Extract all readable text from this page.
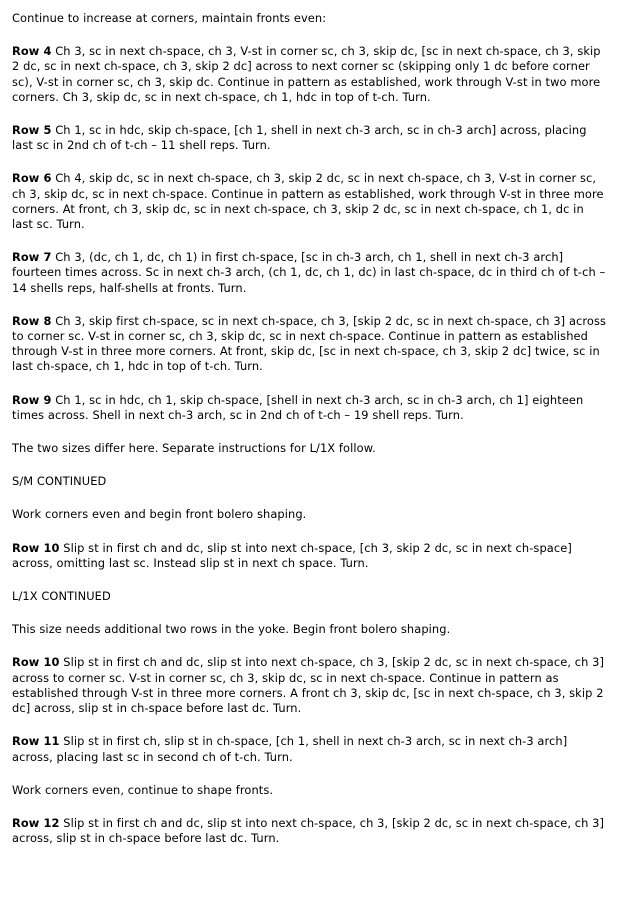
Continue to increase at corners, maintain fronts even:

Row 4 Ch 3, sc in next ch-space, ch 3, V-st in corner sc, ch 3, skip dc, [sc in next ch-space, ch 3, skip 2 dc, sc in next ch-space, ch 3, skip 2 dc] across to next corner sc (skipping only 1 dc before corner sc), V-st in corner sc, ch 3, skip dc. Continue in pattern as established, work through V-st in two more corners. Ch 3, skip dc, sc in next ch-space, ch 1, hdc in top of t-ch. Turn.

Row 5 Ch 1, sc in hdc, skip ch-space, [ch 1, shell in next ch-3 arch, sc in ch-3 arch] across, placing last sc in 2nd ch of t-ch – 11 shell reps. Turn.

Row 6 Ch 4, skip dc, sc in next ch-space, ch 3, skip 2 dc, sc in next ch-space, ch 3, V-st in corner sc, ch 3, skip dc, sc in next ch-space. Continue in pattern as established, work through V-st in three more corners. At front, ch 3, skip dc, sc in next ch-space, ch 3, skip 2 dc, sc in next ch-space, ch 1, dc in last sc. Turn.

Row 7 Ch 3, (dc, ch 1, dc, ch 1) in first ch-space, [sc in ch-3 arch, ch 1, shell in next ch-3 arch] fourteen times across. Sc in next ch-3 arch, (ch 1, dc, ch 1, dc) in last ch-space, dc in third ch of t-ch – 14 shells reps, half-shells at fronts. Turn.

Row 8 Ch 3, skip first ch-space, sc in next ch-space, ch 3, [skip 2 dc, sc in next ch-space, ch 3] across to corner sc. V-st in corner sc, ch 3, skip dc, sc in next ch-space. Continue in pattern as established through V-st in three more corners. At front, skip dc, [sc in next ch-space, ch 3, skip 2 dc] twice, sc in last ch-space, ch 1, hdc in top of t-ch. Turn.

Row 9 Ch 1, sc in hdc, ch 1, skip ch-space, [shell in next ch-3 arch, sc in ch-3 arch, ch 1] eighteen times across. Shell in next ch-3 arch, sc in 2nd ch of t-ch – 19 shell reps. Turn.

The two sizes differ here. Separate instructions for L/1X follow.

S/M CONTINUED

Work corners even and begin front bolero shaping.

Row 10 Slip st in first ch and dc, slip st into next ch-space, [ch 3, skip 2 dc, sc in next ch-space] across, omitting last sc. Instead slip st in next ch space. Turn.

L/1X CONTINUED

This size needs additional two rows in the yoke. Begin front bolero shaping.

Row 10 Slip st in first ch and dc, slip st into next ch-space, ch 3, [skip 2 dc, sc in next ch-space, ch 3] across to corner sc. V-st in corner sc, ch 3, skip dc, sc in next ch-space. Continue in pattern as established through V-st in three more corners. A front ch 3, skip dc, [sc in next ch-space, ch 3, skip 2 dc] across, slip st in ch-space before last dc. Turn.

Row 11 Slip st in first ch, slip st in ch-space, [ch 1, shell in next ch-3 arch, sc in next ch-3 arch] across, placing last sc in second ch of t-ch. Turn.

Work corners even, continue to shape fronts.

Row 12 Slip st in first ch and dc, slip st into next ch-space, ch 3, [skip 2 dc, sc in next ch-space, ch 3] across, slip st in ch-space before last dc. Turn.
